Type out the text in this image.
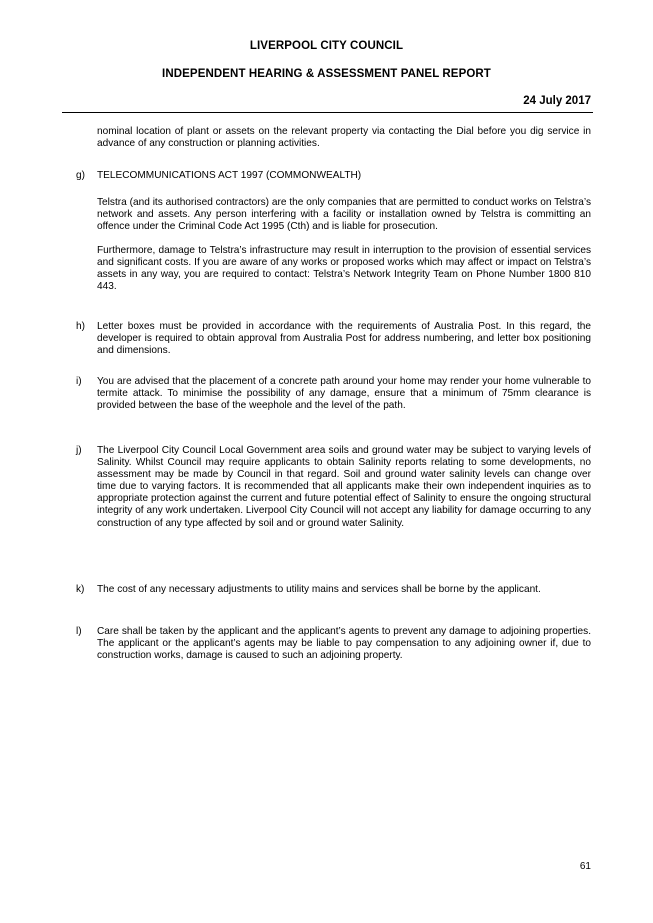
LIVERPOOL CITY COUNCIL
INDEPENDENT HEARING & ASSESSMENT PANEL REPORT
24 July 2017
nominal location of plant or assets on the relevant property via contacting the Dial before you dig service in advance of any construction or planning activities.
g) TELECOMMUNICATIONS ACT 1997 (COMMONWEALTH)
Telstra (and its authorised contractors) are the only companies that are permitted to conduct works on Telstra’s network and assets. Any person interfering with a facility or installation owned by Telstra is committing an offence under the Criminal Code Act 1995 (Cth) and is liable for prosecution.
Furthermore, damage to Telstra’s infrastructure may result in interruption to the provision of essential services and significant costs. If you are aware of any works or proposed works which may affect or impact on Telstra’s assets in any way, you are required to contact: Telstra’s Network Integrity Team on Phone Number 1800 810 443.
h) Letter boxes must be provided in accordance with the requirements of Australia Post. In this regard, the developer is required to obtain approval from Australia Post for address numbering, and letter box positioning and dimensions.
i) You are advised that the placement of a concrete path around your home may render your home vulnerable to termite attack. To minimise the possibility of any damage, ensure that a minimum of 75mm clearance is provided between the base of the weephole and the level of the path.
j) The Liverpool City Council Local Government area soils and ground water may be subject to varying levels of Salinity. Whilst Council may require applicants to obtain Salinity reports relating to some developments, no assessment may be made by Council in that regard. Soil and ground water salinity levels can change over time due to varying factors. It is recommended that all applicants make their own independent inquiries as to appropriate protection against the current and future potential effect of Salinity to ensure the ongoing structural integrity of any work undertaken. Liverpool City Council will not accept any liability for damage occurring to any construction of any type affected by soil and or ground water Salinity.
k) The cost of any necessary adjustments to utility mains and services shall be borne by the applicant.
l) Care shall be taken by the applicant and the applicant’s agents to prevent any damage to adjoining properties. The applicant or the applicant’s agents may be liable to pay compensation to any adjoining owner if, due to construction works, damage is caused to such an adjoining property.
61
